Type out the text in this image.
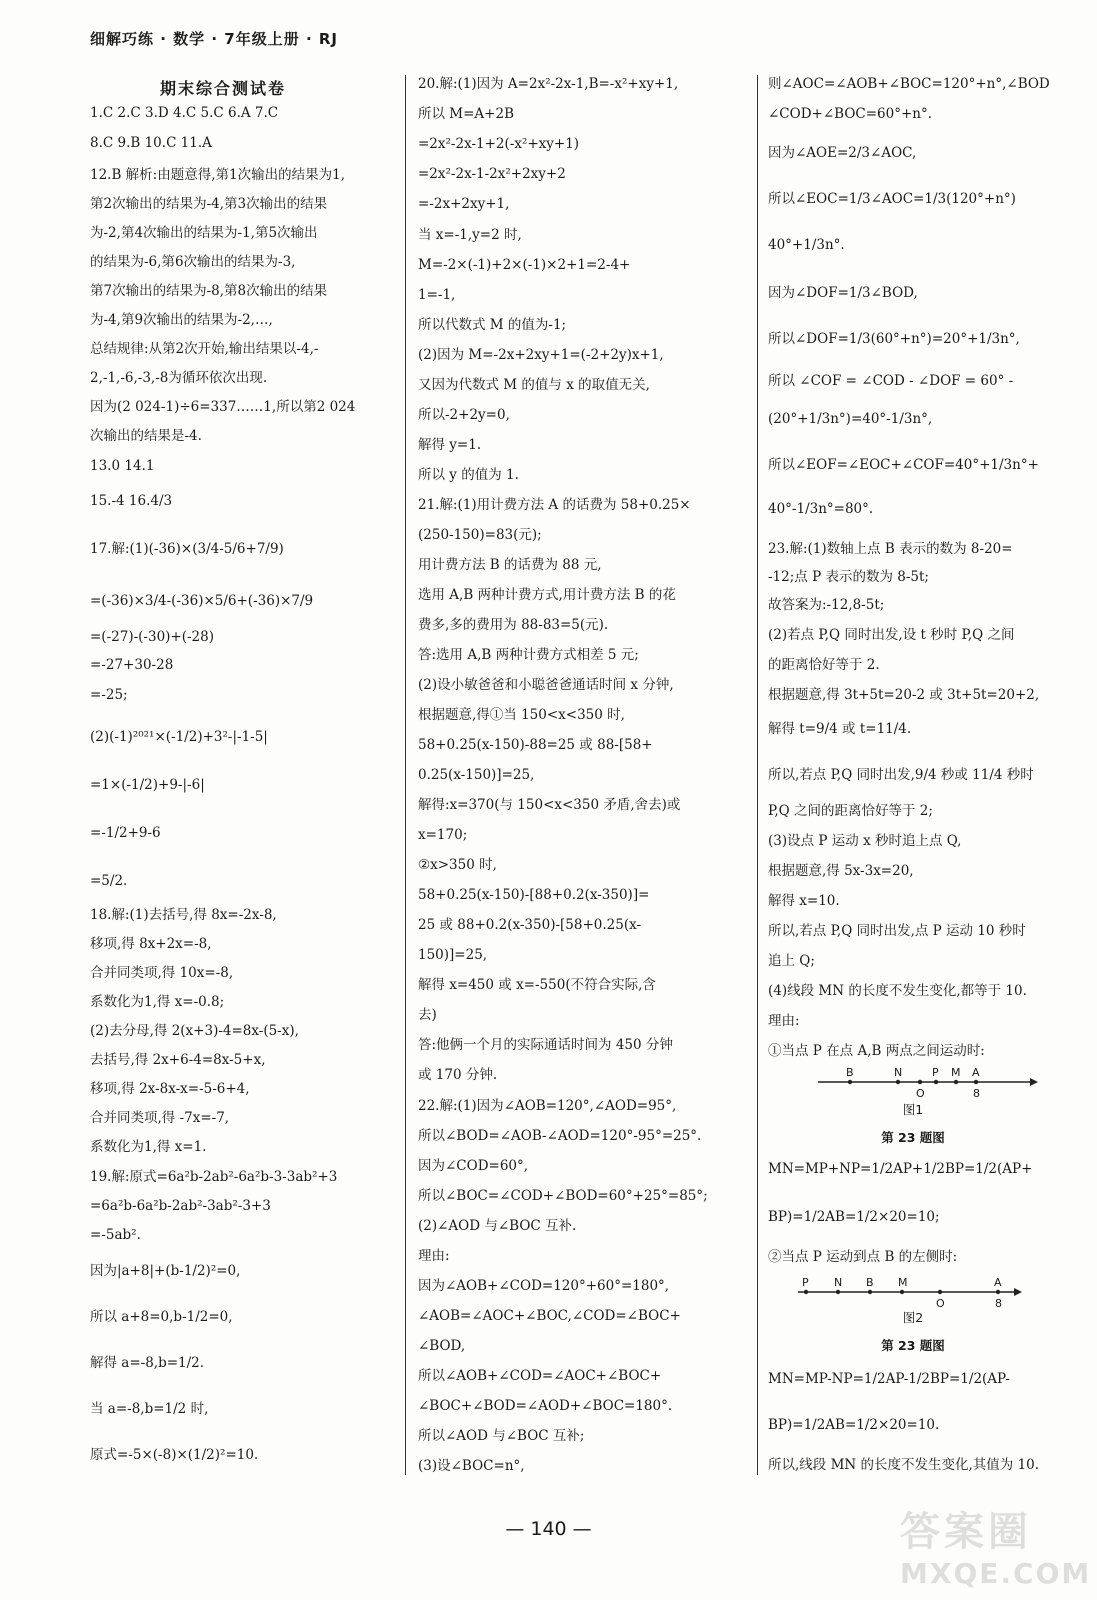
细解巧练 · 数学 · 7年级上册 · RJ
期末综合测试卷
1.C 2.C 3.D 4.C 5.C 6.A 7.C
8.C 9.B 10.C 11.A
12.B 解析:由题意得,第1次输出的结果为1,
第2次输出的结果为-4,第3次输出的结果
为-2,第4次输出的结果为-1,第5次输出
的结果为-6,第6次输出的结果为-3,
第7次输出的结果为-8,第8次输出的结果
为-4,第9次输出的结果为-2,…,
总结规律:从第2次开始,输出结果以-4,-
2,-1,-6,-3,-8为循环依次出现.
因为(2 024-1)÷6=337……1,所以第2 024
次输出的结果是-4.
13.0 14.1
15.-4 16.4/3
17.解:(1)(-36)×(3/4-5/6+7/9)
=(-36)×3/4-(-36)×5/6+(-36)×7/9
=(-27)-(-30)+(-28)
=-27+30-28
=-25;
(2)(-1)²⁰²¹×(-1/2)+3²-|-1-5|
=1×(-1/2)+9-|-6|
=-1/2+9-6
=5/2.
18.解:(1)去括号,得 8x=-2x-8,
移项,得 8x+2x=-8,
合并同类项,得 10x=-8,
系数化为1,得 x=-0.8;
(2)去分母,得 2(x+3)-4=8x-(5-x),
去括号,得 2x+6-4=8x-5+x,
移项,得 2x-8x-x=-5-6+4,
合并同类项,得 -7x=-7,
系数化为1,得 x=1.
19.解:原式=6a²b-2ab²-6a²b-3-3ab²+3
=6a²b-6a²b-2ab²-3ab²-3+3
=-5ab².
因为|a+8|+(b-1/2)²=0,
所以 a+8=0,b-1/2=0,
解得 a=-8,b=1/2.
当 a=-8,b=1/2 时,
原式=-5×(-8)×(1/2)²=10.
20.解:(1)因为 A=2x²-2x-1,B=-x²+xy+1,
所以 M=A+2B
=2x²-2x-1+2(-x²+xy+1)
=2x²-2x-1-2x²+2xy+2
=-2x+2xy+1,
当 x=-1,y=2 时,
M=-2×(-1)+2×(-1)×2+1=2-4+
1=-1,
所以代数式 M 的值为-1;
(2)因为 M=-2x+2xy+1=(-2+2y)x+1,
又因为代数式 M 的值与 x 的取值无关,
所以-2+2y=0,
解得 y=1.
所以 y 的值为 1.
21.解:(1)用计费方法 A 的话费为 58+0.25×
(250-150)=83(元);
用计费方法 B 的话费为 88 元,
选用 A,B 两种计费方式,用计费方法 B 的花
费多,多的费用为 88-83=5(元).
答:选用 A,B 两种计费方式相差 5 元;
(2)设小敏爸爸和小聪爸爸通话时间 x 分钟,
根据题意,得①当 150<x<350 时,
58+0.25(x-150)-88=25 或 88-[58+
0.25(x-150)]=25,
解得:x=370(与 150<x<350 矛盾,舍去)或
x=170;
②x>350 时,
58+0.25(x-150)-[88+0.2(x-350)]=
25 或 88+0.2(x-350)-[58+0.25(x-
150)]=25,
解得 x=450 或 x=-550(不符合实际,含
去)
答:他俩一个月的实际通话时间为 450 分钟
或 170 分钟.
22.解:(1)因为∠AOB=120°,∠AOD=95°,
所以∠BOD=∠AOB-∠AOD=120°-95°=25°.
因为∠COD=60°,
所以∠BOC=∠COD+∠BOD=60°+25°=85°;
(2)∠AOD 与∠BOC 互补.
理由:
因为∠AOB+∠COD=120°+60°=180°,
∠AOB=∠AOC+∠BOC,∠COD=∠BOC+
∠BOD,
所以∠AOB+∠COD=∠AOC+∠BOC+
∠BOC+∠BOD=∠AOD+∠BOC=180°.
所以∠AOD 与∠BOC 互补;
(3)设∠BOC=n°,
则∠AOC=∠AOB+∠BOC=120°+n°,∠BOD
∠COD+∠BOC=60°+n°.
因为∠AOE=2/3∠AOC,
所以∠EOC=1/3∠AOC=1/3(120°+n°)
40°+1/3n°.
因为∠DOF=1/3∠BOD,
所以∠DOF=1/3(60°+n°)=20°+1/3n°,
所以 ∠COF = ∠COD - ∠DOF = 60° -
(20°+1/3n°)=40°-1/3n°,
所以∠EOF=∠EOC+∠COF=40°+1/3n°+
40°-1/3n°=80°.
23.解:(1)数轴上点 B 表示的数为 8-20=
-12;点 P 表示的数为 8-5t;
故答案为:-12,8-5t;
(2)若点 P,Q 同时出发,设 t 秒时 P,Q 之间
的距离恰好等于 2.
根据题意,得 3t+5t=20-2 或 3t+5t=20+2,
解得 t=9/4 或 t=11/4.
所以,若点 P,Q 同时出发,9/4 秒或 11/4 秒时
P,Q 之间的距离恰好等于 2;
(3)设点 P 运动 x 秒时追上点 Q,
根据题意,得 5x-3x=20,
解得 x=10.
所以,若点 P,Q 同时出发,点 P 运动 10 秒时
追上 Q;
(4)线段 MN 的长度不发生变化,都等于 10.
理由:
①当点 P 在点 A,B 两点之间运动时:
B	N
O
P M A
8
图1
第 23 题图
MN=MP+NP=1/2AP+1/2BP=1/2(AP+
BP)=1/2AB=1/2×20=10;
②当点 P 运动到点 B 的左侧时:
P N B M
O
A
8
图2
第 23 题图
MN=MP-NP=1/2AP-1/2BP=1/2(AP-
BP)=1/2AB=1/2×20=10.
所以,线段 MN 的长度不发生变化,其值为 10.
— 140 —	答案圈
MXQE.COM
